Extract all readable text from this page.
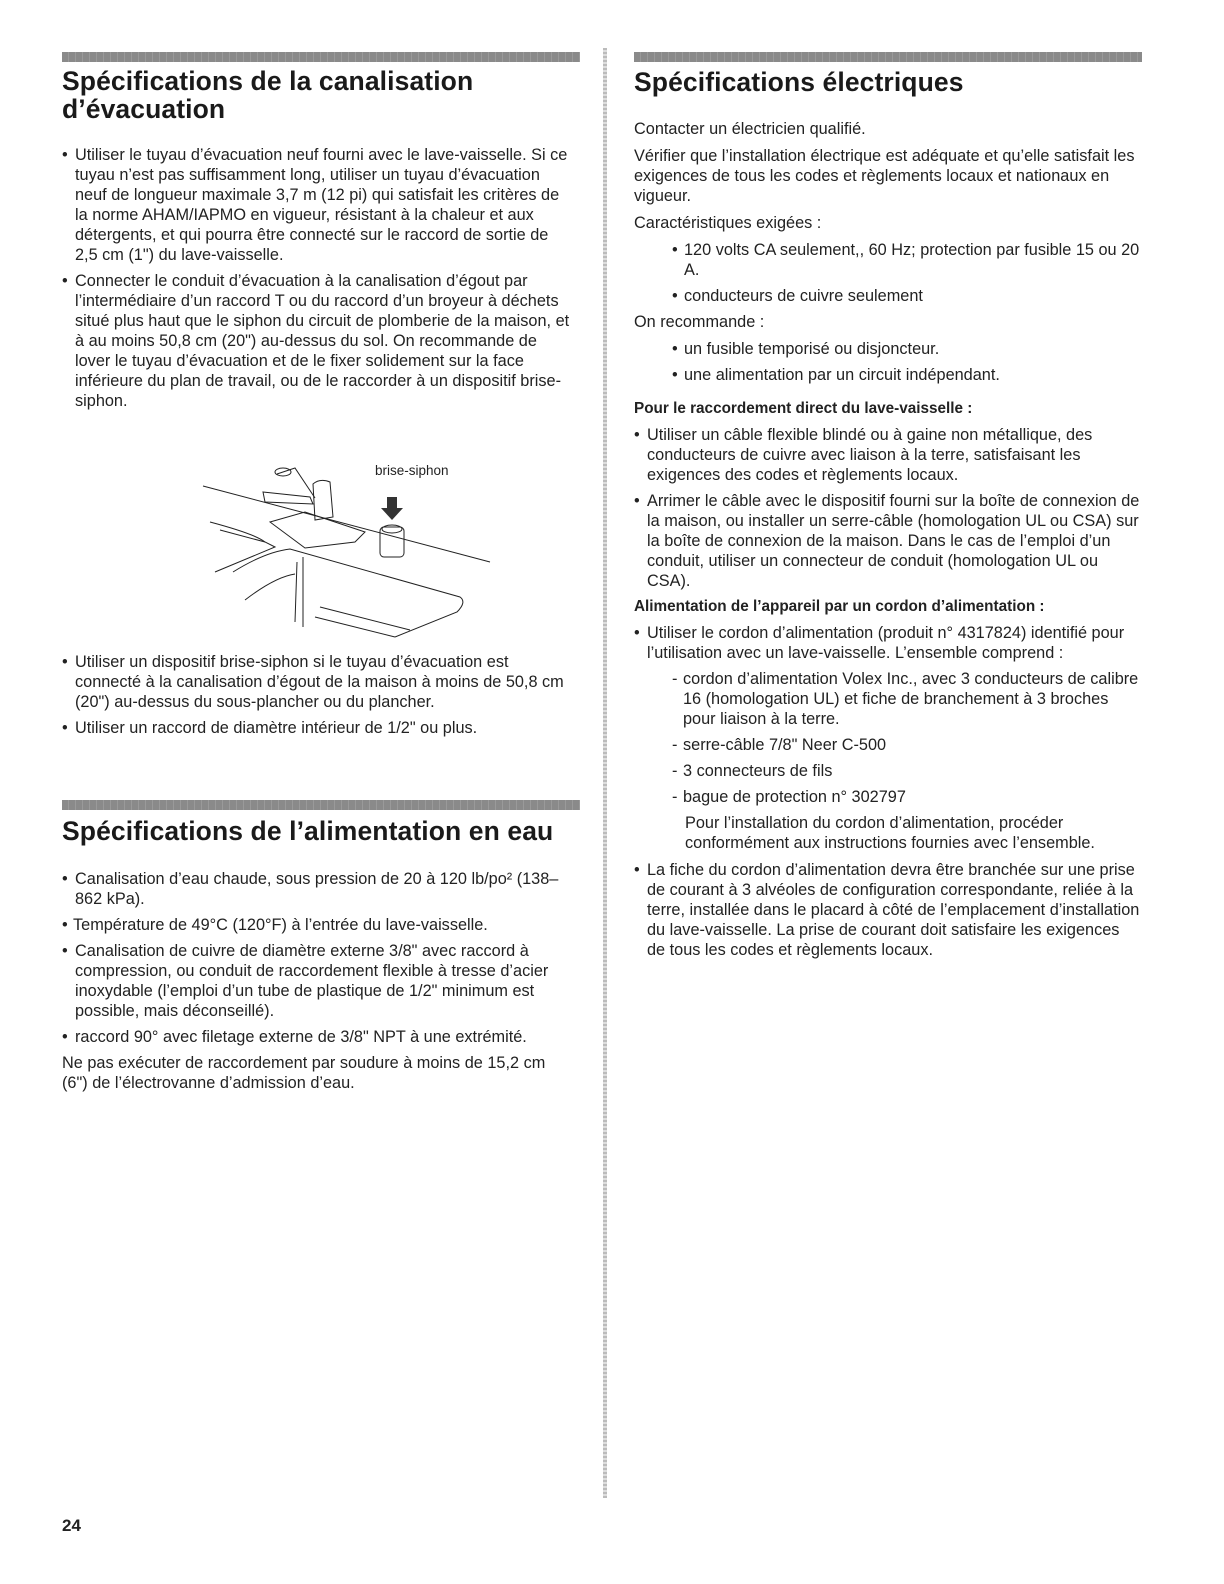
Spécifications de la canalisation d’évacuation
• Utiliser le tuyau d’évacuation neuf fourni avec le lave-vaisselle. Si ce tuyau n’est pas suffisamment long, utiliser un tuyau d’évacuation neuf de longueur maximale 3,7 m (12 pi) qui satisfait les critères de la norme AHAM/IAPMO en vigueur, résistant à la chaleur et aux détergents, et qui pourra être connecté sur le raccord de sortie de 2,5 cm (1") du lave-vaisselle.
• Connecter le conduit d’évacuation à la canalisation d’égout par l’intermédiaire d’un raccord T ou du raccord d’un broyeur à déchets situé plus haut que le siphon du circuit de plomberie de la maison, et à au moins 50,8 cm (20") au-dessus du sol. On recommande de lover le tuyau d’évacuation et de le fixer solidement sur la face inférieure du plan de travail, ou de le raccorder à un dispositif brise-siphon.
brise-siphon
• Utiliser un dispositif brise-siphon si le tuyau d’évacuation est connecté à la canalisation d’égout de la maison à moins de 50,8 cm (20") au-dessus du sous-plancher ou du plancher.
• Utiliser un raccord de diamètre intérieur de 1/2" ou plus.
Spécifications de l’alimentation en eau
• Canalisation d’eau chaude, sous pression de 20 à 120 lb/po² (138–862 kPa).
• Température de 49°C (120°F) à l’entrée du lave-vaisselle.
• Canalisation de cuivre de diamètre externe 3/8" avec raccord à compression, ou conduit de raccordement flexible à tresse d’acier inoxydable (l’emploi d’un tube de plastique de 1/2" minimum est possible, mais déconseillé).
• raccord 90° avec filetage externe de 3/8" NPT à une extrémité.

Ne pas exécuter de raccordement par soudure à moins de 15,2 cm (6") de l’électrovanne d’admission d’eau.

Spécifications électriques

Contacter un électricien qualifié.

Vérifier que l’installation électrique est adéquate et qu’elle satisfait les exigences de tous les codes et règlements locaux et nationaux en vigueur.

Caractéristiques exigées :

• 120 volts CA seulement,, 60 Hz; protection par fusible 15 ou 20 A.
• conducteurs de cuivre seulement

On recommande :

• un fusible temporisé ou disjoncteur.
• une alimentation par un circuit indépendant.
Pour le raccordement direct du lave-vaisselle :
• Utiliser un câble flexible blindé ou à gaine non métallique, des conducteurs de cuivre avec liaison à la terre, satisfaisant les exigences des codes et règlements locaux.
• Arrimer le câble avec le dispositif fourni sur la boîte de connexion de la maison, ou installer un serre-câble (homologation UL ou CSA) sur la boîte de connexion de la maison. Dans le cas de l’emploi d’un conduit, utiliser un connecteur de conduit (homologation UL ou CSA).
Alimentation de l’appareil par un cordon d’alimentation :
• Utiliser le cordon d’alimentation (produit n° 4317824) identifié pour l’utilisation avec un lave-vaisselle. L’ensemble comprend :
- cordon d’alimentation Volex Inc., avec 3 conducteurs de calibre 16 (homologation UL) et fiche de branchement à 3 broches pour liaison à la terre.
- serre-câble 7/8" Neer C-500
- 3 connecteurs de fils
- bague de protection n° 302797

Pour l’installation du cordon d’alimentation, procéder conformément aux instructions fournies avec l’ensemble.

• La fiche du cordon d’alimentation devra être branchée sur une prise de courant à 3 alvéoles de configuration correspondante, reliée à la terre, installée dans le placard à côté de l’emplacement d’installation du lave-vaisselle. La prise de courant doit satisfaire les exigences de tous les codes et règlements locaux.
24
